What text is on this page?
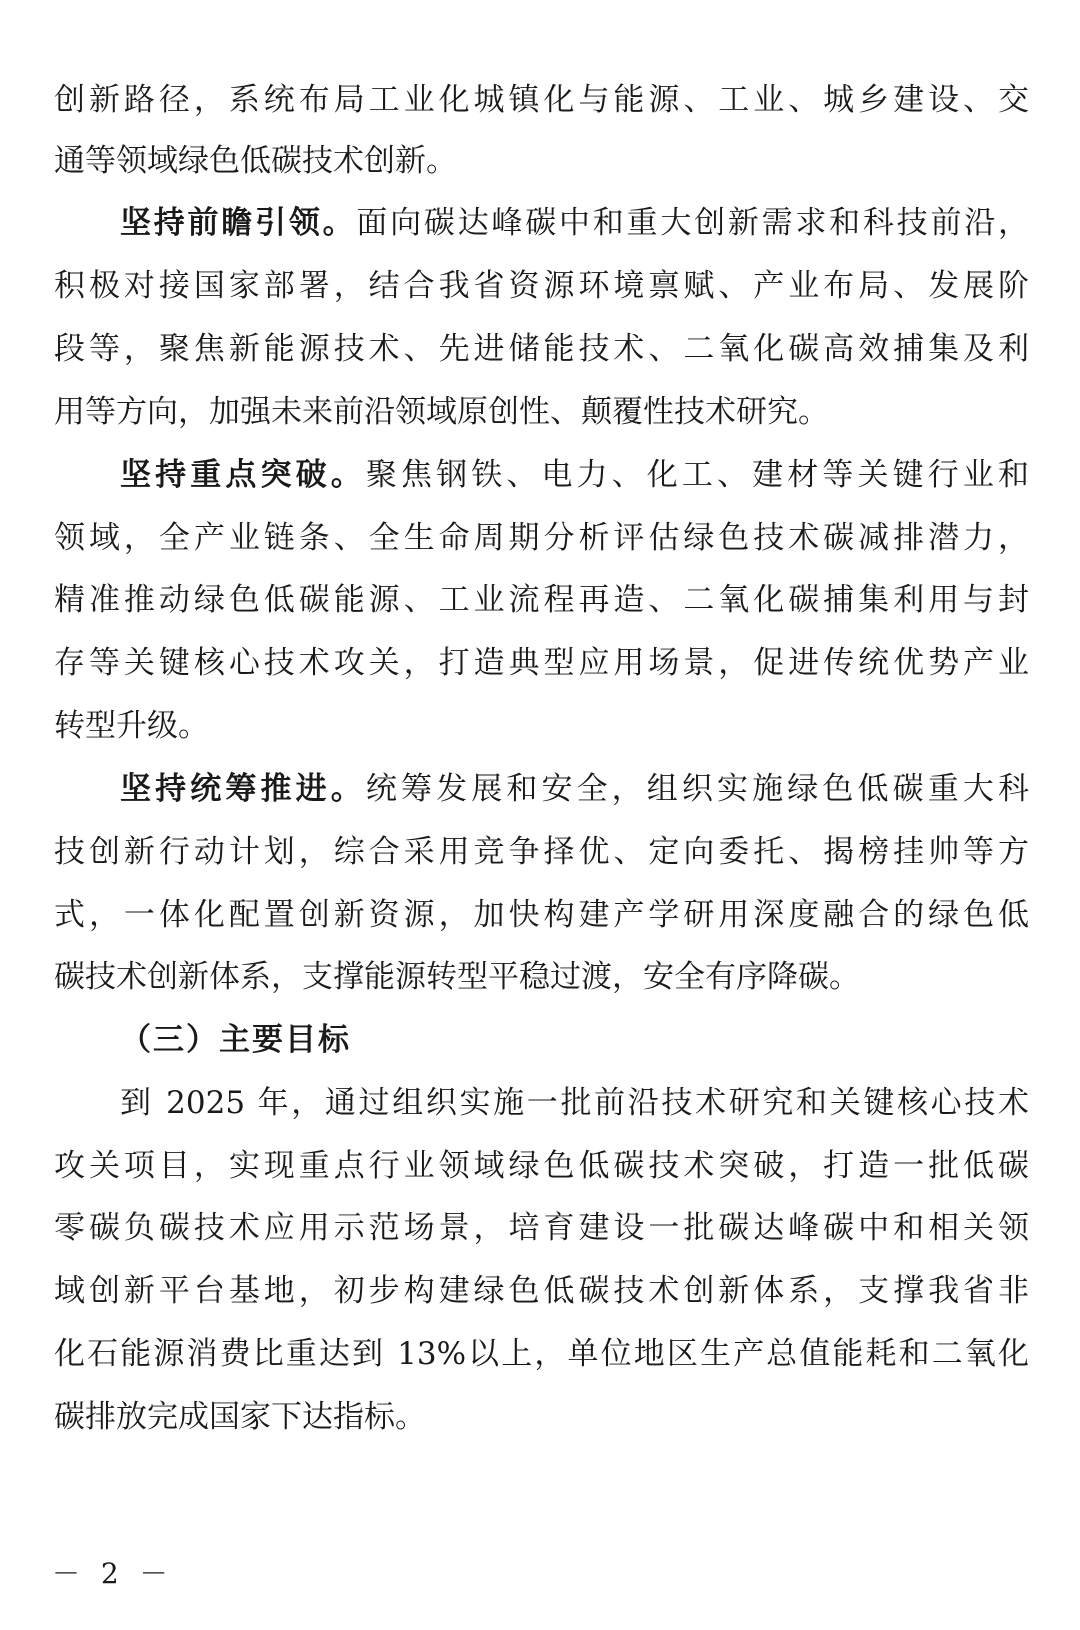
创新路径，系统布局工业化城镇化与能源、工业、城乡建设、交
通等领域绿色低碳技术创新。
坚持前瞻引领。面向碳达峰碳中和重大创新需求和科技前沿，
积极对接国家部署，结合我省资源环境禀赋、产业布局、发展阶
段等，聚焦新能源技术、先进储能技术、二氧化碳高效捕集及利
用等方向，加强未来前沿领域原创性、颠覆性技术研究。
坚持重点突破。聚焦钢铁、电力、化工、建材等关键行业和
领域，全产业链条、全生命周期分析评估绿色技术碳减排潜力，
精准推动绿色低碳能源、工业流程再造、二氧化碳捕集利用与封
存等关键核心技术攻关，打造典型应用场景，促进传统优势产业
转型升级。
坚持统筹推进。统筹发展和安全，组织实施绿色低碳重大科
技创新行动计划，综合采用竞争择优、定向委托、揭榜挂帅等方
式，一体化配置创新资源，加快构建产学研用深度融合的绿色低
碳技术创新体系，支撑能源转型平稳过渡，安全有序降碳。
（三）主要目标
到 2025 年，通过组织实施一批前沿技术研究和关键核心技术
攻关项目，实现重点行业领域绿色低碳技术突破，打造一批低碳
零碳负碳技术应用示范场景，培育建设一批碳达峰碳中和相关领
域创新平台基地，初步构建绿色低碳技术创新体系，支撑我省非
化石能源消费比重达到 13%以上，单位地区生产总值能耗和二氧化
碳排放完成国家下达指标。
－ 2 －
